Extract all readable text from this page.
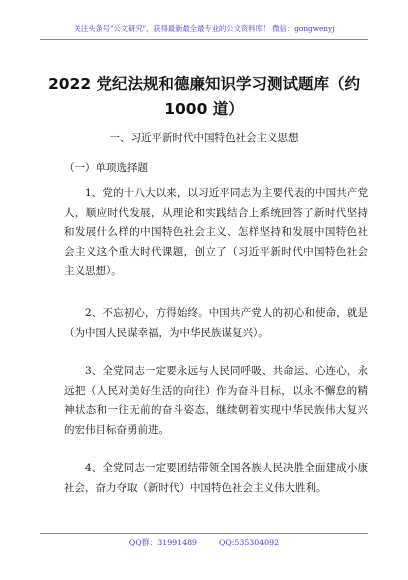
关注头条号"公文研究"，获得最新最全最专业的公文资料库！ 微信：gongwenyj
2022 党纪法规和德廉知识学习测试题库（约1000 道）
一、习近平新时代中国特色社会主义思想
（一）单项选择题

1、党的十八大以来，以习近平同志为主要代表的中国共产党人，顺应时代发展，从理论和实践结合上系统回答了新时代坚持和发展什么样的中国特色社会主义、怎样坚持和发展中国特色社会主义这个重大时代课题，创立了（习近平新时代中国特色社会主义思想）。

2、不忘初心，方得始终。中国共产党人的初心和使命，就是（为中国人民谋幸福，为中华民族谋复兴）。

3、全党同志一定要永远与人民同呼吸、共命运、心连心，永远把（人民对美好生活的向往）作为奋斗目标，以永不懈怠的精神状态和一往无前的奋斗姿态，继续朝着实现中华民族伟大复兴的宏伟目标奋勇前进。

4、全党同志一定要团结带领全国各族人民决胜全面建成小康社会，奋力夺取（新时代）中国特色社会主义伟大胜利。

QQ群：31991489	QQ:535304092
